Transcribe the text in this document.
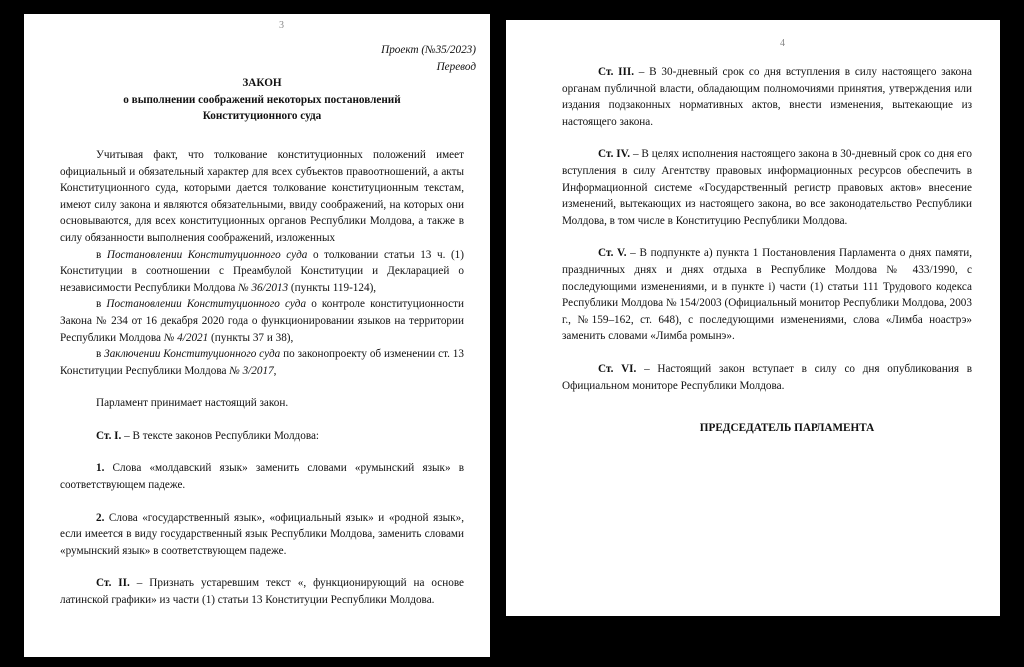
3

Проект (№35/2023)

Перевод

ЗАКОН

о выполнении соображений некоторых постановлений

Конституционного суда

Учитывая факт, что толкование конституционных положений имеет официальный и обязательный характер для всех субъектов правоотношений, а акты Конституционного суда, которыми дается толкование конституционным текстам, имеют силу закона и являются обязательными, ввиду соображений, на которых они основываются, для всех конституционных органов Республики Молдова, а также в силу обязанности выполнения соображений, изложенных

в Постановлении Конституционного суда о толковании статьи 13 ч. (1) Конституции в соотношении с Преамбулой Конституции и Декларацией о независимости Республики Молдова № 36/2013 (пункты 119-124),

в Постановлении Конституционного суда о контроле конституционности Закона № 234 от 16 декабря 2020 года о функционировании языков на территории Республики Молдова № 4/2021 (пункты 37 и 38),

в Заключении Конституционного суда по законопроекту об изменении ст. 13 Конституции Республики Молдова № 3/2017,

Парламент принимает настоящий закон.

Ст. I. – В тексте законов Республики Молдова:

1. Слова «молдавский язык» заменить словами «румынский язык» в соответствующем падеже.

2. Слова «государственный язык», «официальный язык» и «родной язык», если имеется в виду государственный язык Республики Молдова, заменить словами «румынский язык» в соответствующем падеже.

Ст. II. – Признать устаревшим текст «, функционирующий на основе латинской графики» из части (1) статьи 13 Конституции Республики Молдова.

4

Ст. III. – В 30-дневный срок со дня вступления в силу настоящего закона органам публичной власти, обладающим полномочиями принятия, утверждения или издания подзаконных нормативных актов, внести изменения, вытекающие из настоящего закона.

Ст. IV. – В целях исполнения настоящего закона в 30-дневный срок со дня его вступления в силу Агентству правовых информационных ресурсов обеспечить в Информационной системе «Государственный регистр правовых актов» внесение изменений, вытекающих из настоящего закона, во все законодательство Республики Молдова, в том числе в Конституцию Республики Молдова.

Ст. V. – В подпункте а) пункта 1 Постановления Парламента о днях памяти, праздничных днях и днях отдыха в Республике Молдова № 433/1990, с последующими изменениями, и в пункте i) части (1) статьи 111 Трудового кодекса Республики Молдова № 154/2003 (Официальный монитор Республики Молдова, 2003 г., №159–162, ст. 648), с последующими изменениями, слова «Лимба ноастрэ» заменить словами «Лимба ромынэ».

Ст. VI. – Настоящий закон вступает в силу со дня опубликования в Официальном мониторе Республики Молдова.

ПРЕДСЕДАТЕЛЬ ПАРЛАМЕНТА
